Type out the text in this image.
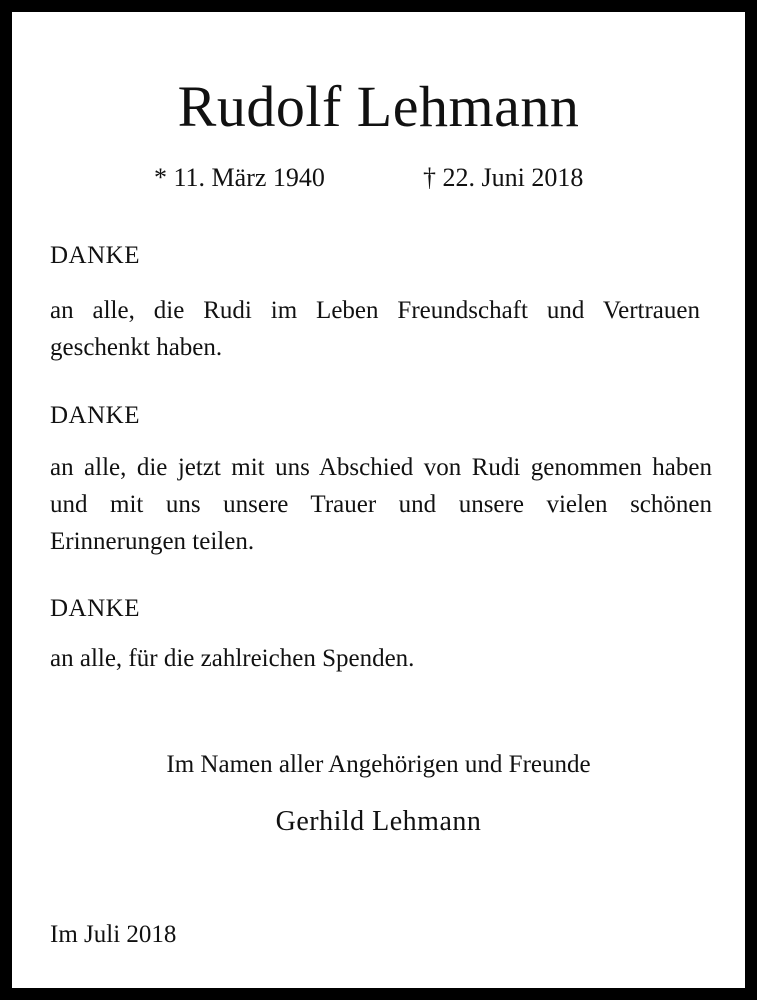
Rudolf Lehmann
* 11. März 1940	† 22. Juni 2018

DANKE

an alle, die Rudi im Leben Freundschaft und Vertrauen geschenkt haben.

DANKE

an alle, die jetzt mit uns Abschied von Rudi genommen haben und mit uns unsere Trauer und unsere vielen schönen Erinnerungen teilen.

DANKE

an alle, für die zahlreichen Spenden.

Im Namen aller Angehörigen und Freunde

Gerhild Lehmann

Im Juli 2018
